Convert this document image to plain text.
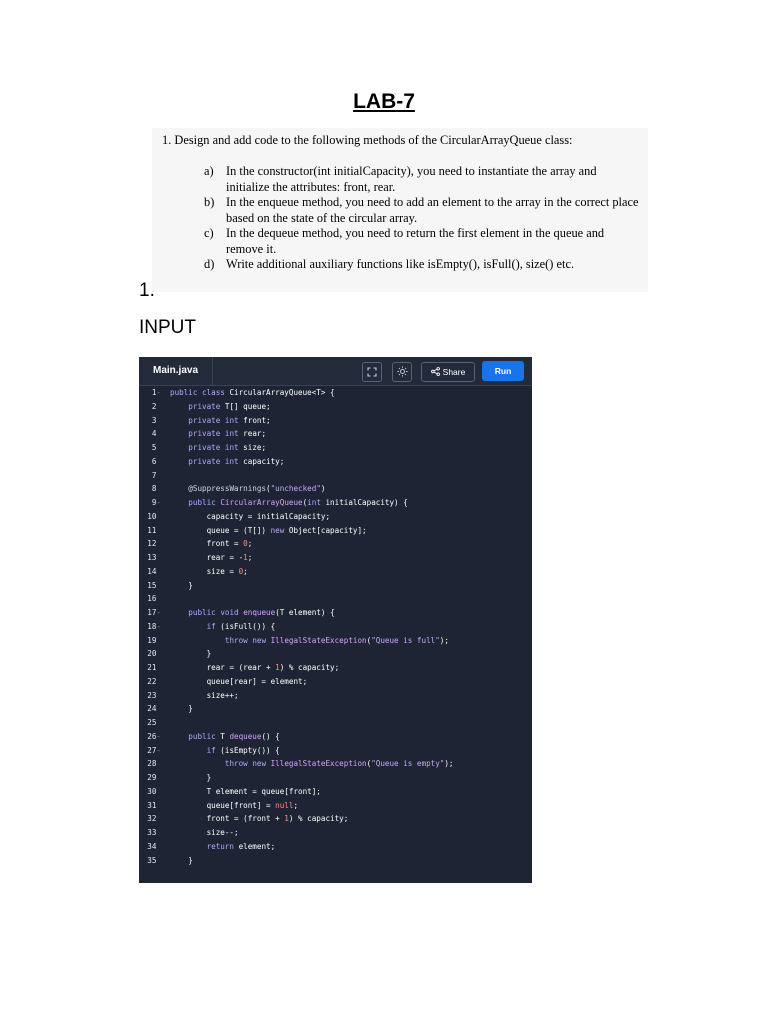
LAB-7
1. Design and add code to the following methods of the CircularArrayQueue class:
a) In the constructor(int initialCapacity), you need to instantiate the array and initialize the attributes: front, rear.
b) In the enqueue method, you need to add an element to the array in the correct place based on the state of the circular array.
c) In the dequeue method, you need to return the first element in the queue and remove it.
d) Write additional auxiliary functions like isEmpty(), isFull(), size() etc.
1.
INPUT
Main.java	Share	Run
1- public class CircularArrayQueue<T> {
2	private T[] queue;
3	private int front;
4	private int rear;
5	private int size;
6	private int capacity;
7
8	@SuppressWarnings("unchecked")
9-	public CircularArrayQueue(int initialCapacity) {
10 capacity = initialCapacity;
11 queue = (T[]) new Object[capacity];
12 front = 0;
13 rear = -1;
14 size = 0;
15 }
16
17-	public void enqueue(T element) {
18-	if (isFull()) {
19	throw new IllegalStateException("Queue is full");
20 }
21 rear = (rear + 1) % capacity;
22 queue[rear] = element;
23 size++;
24 }
25
26-	public T dequeue() {
27-	if (isEmpty()) {
28	throw new IllegalStateException("Queue is empty");
29 }
30 T element = queue[front];
31 queue[front] = null;
32 front = (front + 1) % capacity;
33 size--;
34	return element;
35 }
